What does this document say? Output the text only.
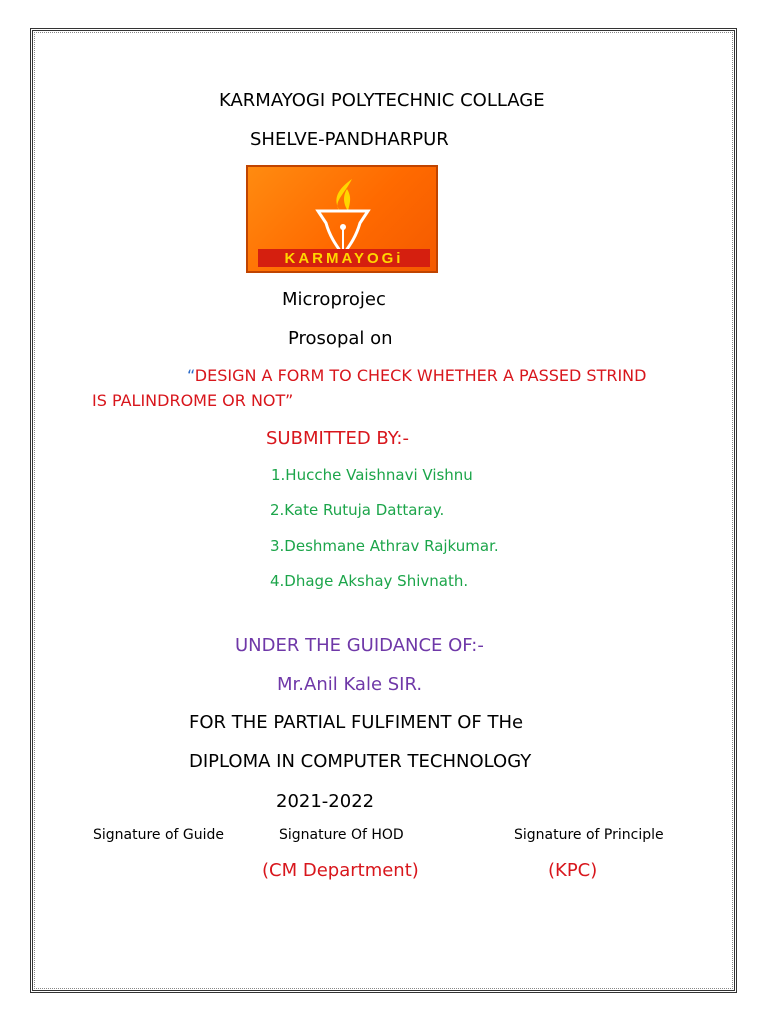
KARMAYOGI POLYTECHNIC COLLAGE
SHELVE-PANDHARPUR
KARMAYOGi
Microprojec
Prosopal on
“DESIGN A FORM TO CHECK WHETHER A PASSED STRIND
IS PALINDROME OR NOT”
SUBMITTED BY:-
1.Hucche Vaishnavi Vishnu
2.Kate Rutuja Dattaray.
3.Deshmane Athrav Rajkumar.
4.Dhage Akshay Shivnath.
UNDER THE GUIDANCE OF:-
Mr.Anil Kale SIR.
FOR THE PARTIAL FULFIMENT OF THe
DIPLOMA IN COMPUTER TECHNOLOGY
2021-2022
Signature of Guide	Signature Of HOD	Signature of Principle
(CM Department)	(KPC)
